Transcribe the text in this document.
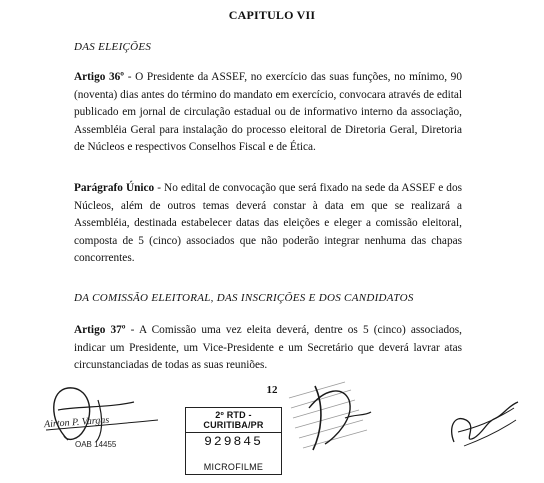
CAPITULO VII
DAS ELEIÇÕES
Artigo 36º - O Presidente da ASSEF, no exercício das suas funções, no mínimo, 90 (noventa) dias antes do término do mandato em exercício, convocara através de edital publicado em jornal de circulação estadual ou de informativo interno da associação, Assembléia Geral para instalação do processo eleitoral de Diretoria Geral, Diretoria de Núcleos e respectivos Conselhos Fiscal e de Ética.
Parágrafo Único - No edital de convocação que será fixado na sede da ASSEF e dos Núcleos, além de outros temas deverá constar à data em que se realizará a Assembléia, destinada estabelecer datas das eleições e eleger a comissão eleitoral, composta de 5 (cinco) associados que não poderão integrar nenhuma das chapas concorrentes.
DA COMISSÃO ELEITORAL, DAS INSCRIÇÕES E DOS CANDIDATOS
Artigo 37º - A Comissão uma vez eleita deverá, dentre os 5 (cinco) associados, indicar um Presidente, um Vice-Presidente e um Secretário que deverá lavrar atas circunstanciadas de todas as suas reuniões.
12
Airton P. Vargas
OAB 14455
2º RTD - CURITIBA/PR
929845
MICROFILME
